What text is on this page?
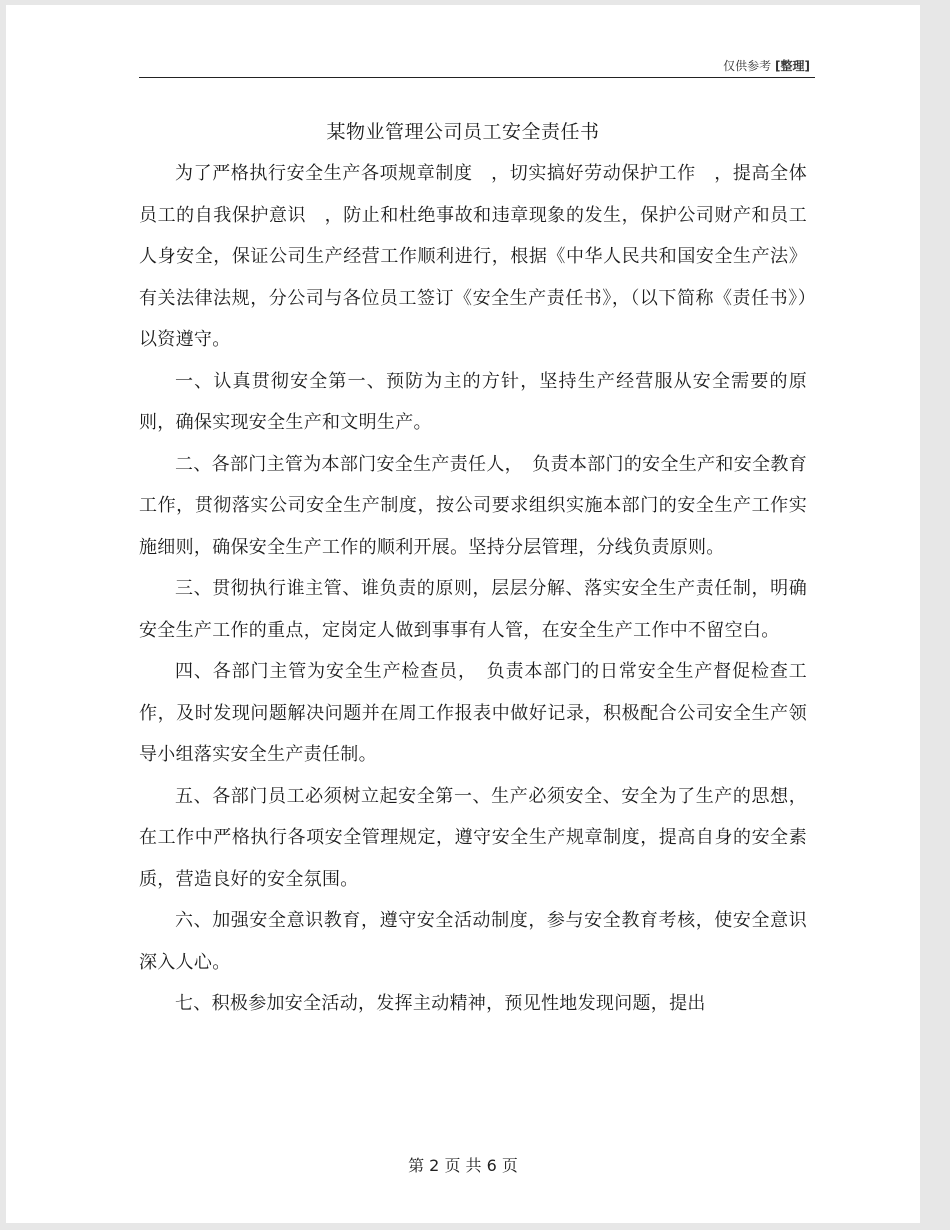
仅供参考 [整理]
某物业管理公司员工安全责任书

为了严格执行安全生产各项规章制度　，切实搞好劳动保护工作　，提高全体员工的自我保护意识　，防止和杜绝事故和违章现象的发生，保护公司财产和员工人身安全，保证公司生产经营工作顺利进行，根据《中华人民共和国安全生产法》有关法律法规，分公司与各位员工签订《安全生产责任书》，（以下简称《责任书》）以资遵守。

一、认真贯彻安全第一、预防为主的方针，坚持生产经营服从安全需要的原则，确保实现安全生产和文明生产。

二、各部门主管为本部门安全生产责任人，　负责本部门的安全生产和安全教育工作，贯彻落实公司安全生产制度，按公司要求组织实施本部门的安全生产工作实施细则，确保安全生产工作的顺利开展。坚持分层管理，分线负责原则。

三、贯彻执行谁主管、谁负责的原则，层层分解、落实安全生产责任制，明确安全生产工作的重点，定岗定人做到事事有人管，在安全生产工作中不留空白。

四、各部门主管为安全生产检查员，　负责本部门的日常安全生产督促检查工作，及时发现问题解决问题并在周工作报表中做好记录，积极配合公司安全生产领导小组落实安全生产责任制。

五、各部门员工必须树立起安全第一、生产必须安全、安全为了生产的思想，在工作中严格执行各项安全管理规定，遵守安全生产规章制度，提高自身的安全素质，营造良好的安全氛围。

六、加强安全意识教育，遵守安全活动制度，参与安全教育考核，使安全意识深入人心。

七、积极参加安全活动，发挥主动精神，预见性地发现问题，提出

第 2 页 共 6 页
